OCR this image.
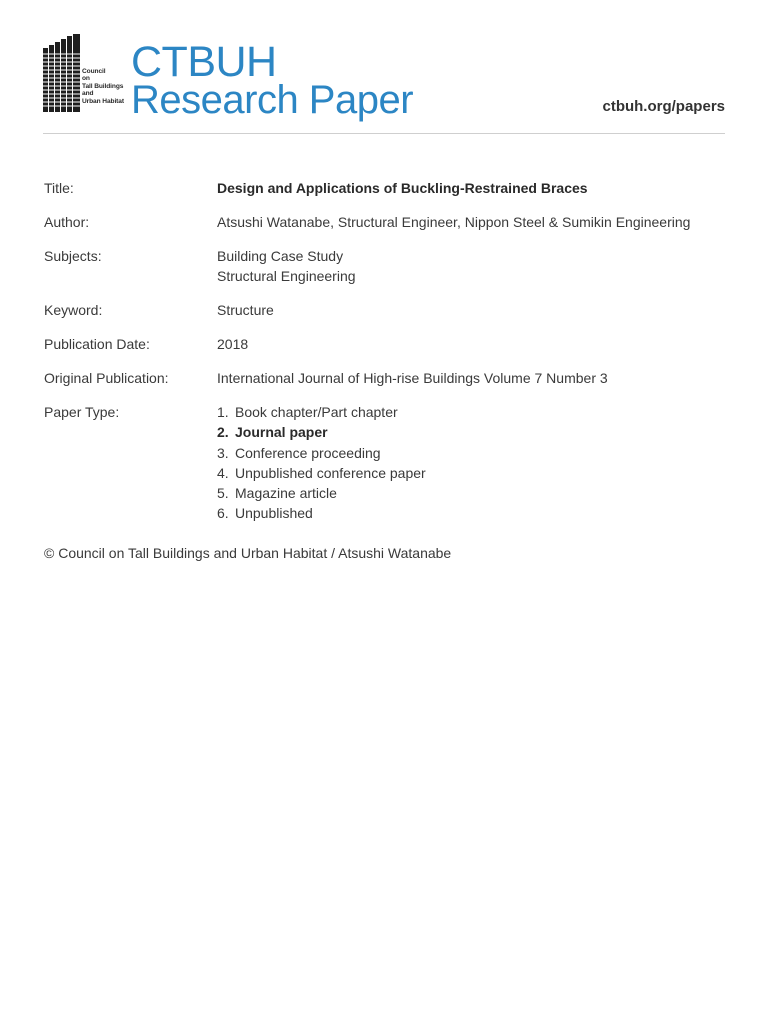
Council
on
Tall Buildings
and
Urban Habitat
CTBUH
Research Paper	ctbuh.org/papers
Title:	Design and Applications of Buckling-Restrained Braces
Author:	Atsushi Watanabe, Structural Engineer, Nippon Steel & Sumikin Engineering
Subjects:	Building Case Study
Structural Engineering
Keyword:	Structure
Publication Date:	2018
Original Publication:	International Journal of High-rise Buildings Volume 7 Number 3
Paper Type:	1. Book chapter/Part chapter
2. Journal paper
3. Conference proceeding
4. Unpublished conference paper
5. Magazine article
6. Unpublished
© Council on Tall Buildings and Urban Habitat / Atsushi Watanabe
